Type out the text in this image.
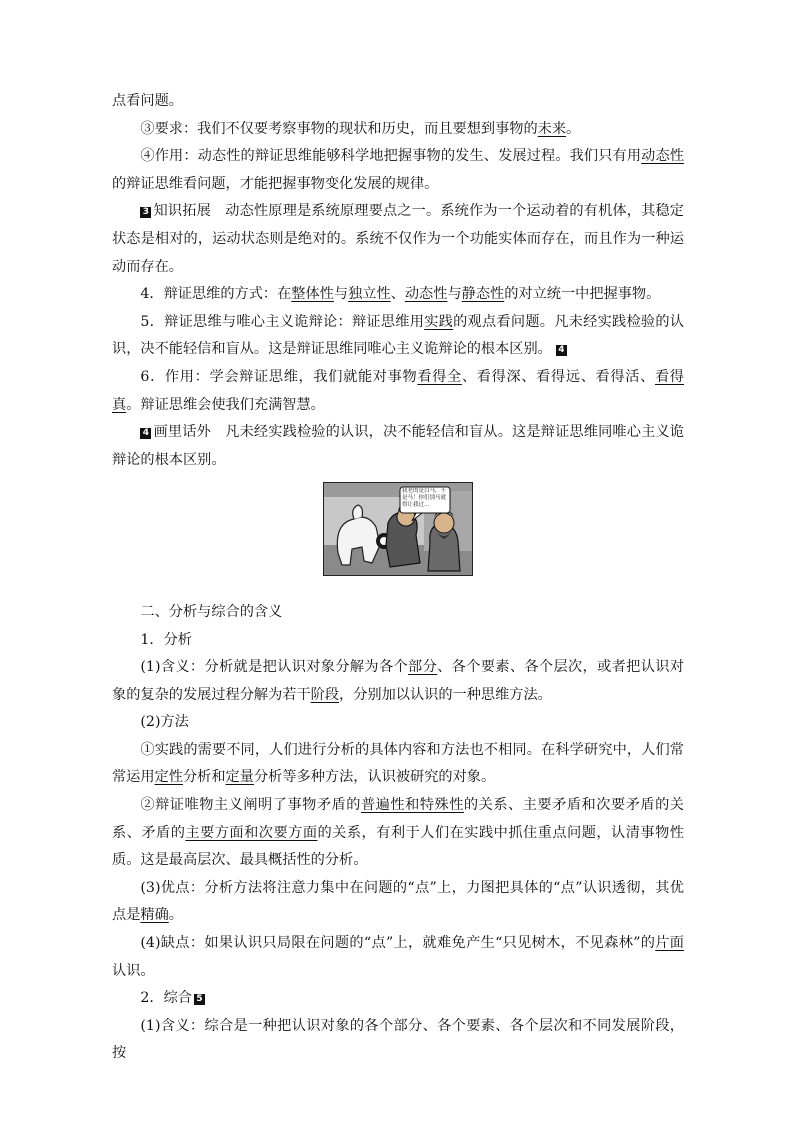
点看问题。

③要求：我们不仅要考察事物的现状和历史，而且要想到事物的未来。

④作用：动态性的辩证思维能够科学地把握事物的发生、发展过程。我们只有用动态性的辩证思维看问题，才能把握事物变化发展的规律。

3 知识拓展　动态性原理是系统原理要点之一。系统作为一个运动着的有机体，其稳定状态是相对的，运动状态则是绝对的。系统不仅作为一个功能实体而存在，而且作为一种运动而存在。

4．辩证思维的方式：在整体性与独立性、动态性与静态性的对立统一中把握事物。

5．辩证思维与唯心主义诡辩论：辩证思维用实践的观点看问题。凡未经实践检验的认识，决不能轻信和盲从。这是辩证思维同唯心主义诡辩论的根本区别。 4

6．作用：学会辩证思维，我们就能对事物看得全、看得深、看得远、看得活、看得真。辩证思维会使我们充满智慧。

4 画里话外　凡未经实践检验的认识，决不能轻信和盲从。这是辩证思维同唯心主义诡辩论的根本区别。

我老的是白马，不是马！你们别马就得让我过...

二、分析与综合的含义

1．分析

(1)含义：分析就是把认识对象分解为各个部分、各个要素、各个层次，或者把认识对象的复杂的发展过程分解为若干阶段，分别加以认识的一种思维方法。

(2)方法

①实践的需要不同，人们进行分析的具体内容和方法也不相同。在科学研究中，人们常常运用定性分析和定量分析等多种方法，认识被研究的对象。

②辩证唯物主义阐明了事物矛盾的普遍性和特殊性的关系、主要矛盾和次要矛盾的关系、矛盾的主要方面和次要方面的关系，有利于人们在实践中抓住重点问题，认清事物性质。这是最高层次、最具概括性的分析。

(3)优点：分析方法将注意力集中在问题的“点”上，力图把具体的“点”认识透彻，其优点是精确。

(4)缺点：如果认识只局限在问题的“点”上，就难免产生“只见树木，不见森林”的片面认识。

2．综合 5

(1)含义：综合是一种把认识对象的各个部分、各个要素、各个层次和不同发展阶段，按
